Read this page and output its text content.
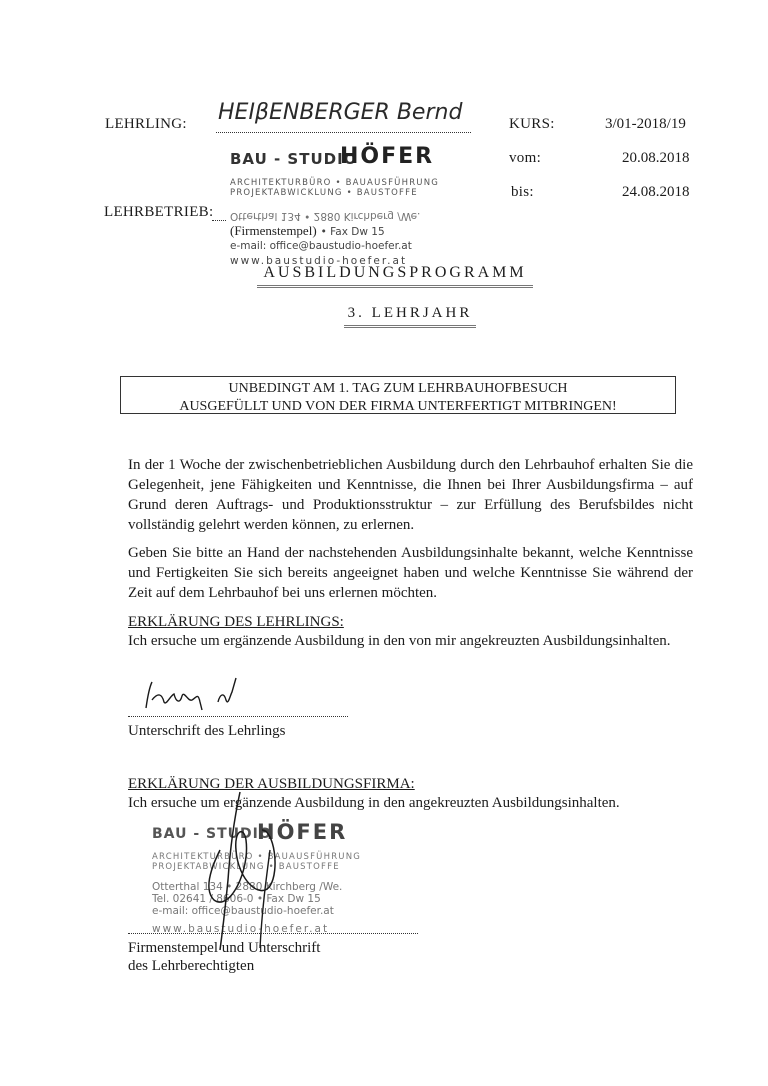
LEHRLING: HEIβENBERGER Bernd	KURS:	3/01-2018/19
vom:	20.08.2018
bis:	24.08.2018
LEHRBETRIEB:
BAU - STUDIO
HÖFER
ARCHITEKTURBÜRO • BAUAUSFÜHRUNG
PROJEKTABWICKLUNG • BAUSTOFFE
Otterthal 134 • 2880 Kirchberg /We.
(Firmenstempel) • Fax Dw 15
e-mail: office@baustudio-hoefer.at
www.baustudio-hoefer.at
AUSBILDUNGSPROGRAMM
3. LEHRJAHR
UNBEDINGT AM 1. TAG ZUM LEHRBAUHOFBESUCH
AUSGEFÜLLT UND VON DER FIRMA UNTERFERTIGT MITBRINGEN!
In der 1 Woche der zwischenbetrieblichen Ausbildung durch den Lehrbauhof erhalten Sie die Gelegenheit, jene Fähigkeiten und Kenntnisse, die Ihnen bei Ihrer Ausbildungsfirma – auf Grund deren Auftrags- und Produktionsstruktur – zur Erfüllung des Berufsbildes nicht vollständig gelehrt werden können, zu erlernen.
Geben Sie bitte an Hand der nachstehenden Ausbildungsinhalte bekannt, welche Kenntnisse und Fertigkeiten Sie sich bereits angeeignet haben und welche Kenntnisse Sie während der Zeit auf dem Lehrbauhof bei uns erlernen möchten.
ERKLÄRUNG DES LEHRLINGS:
Ich ersuche um ergänzende Ausbildung in den von mir angekreuzten Ausbildungsinhalten.
Unterschrift des Lehrlings
ERKLÄRUNG DER AUSBILDUNGSFIRMA:
Ich ersuche um ergänzende Ausbildung in den angekreuzten Ausbildungsinhalten.
BAU - STUDIO
HÖFER
ARCHITEKTURBÜRO • BAUAUSFÜHRUNG
PROJEKTABWICKLUNG • BAUSTOFFE
Otterthal 134 • 2880 Kirchberg /We.
Tel. 02641 / 8606-0 • Fax Dw 15
e-mail: office@baustudio-hoefer.at
www.baustudio-hoefer.at
Firmenstempel und Unterschrift
des Lehrberechtigten
